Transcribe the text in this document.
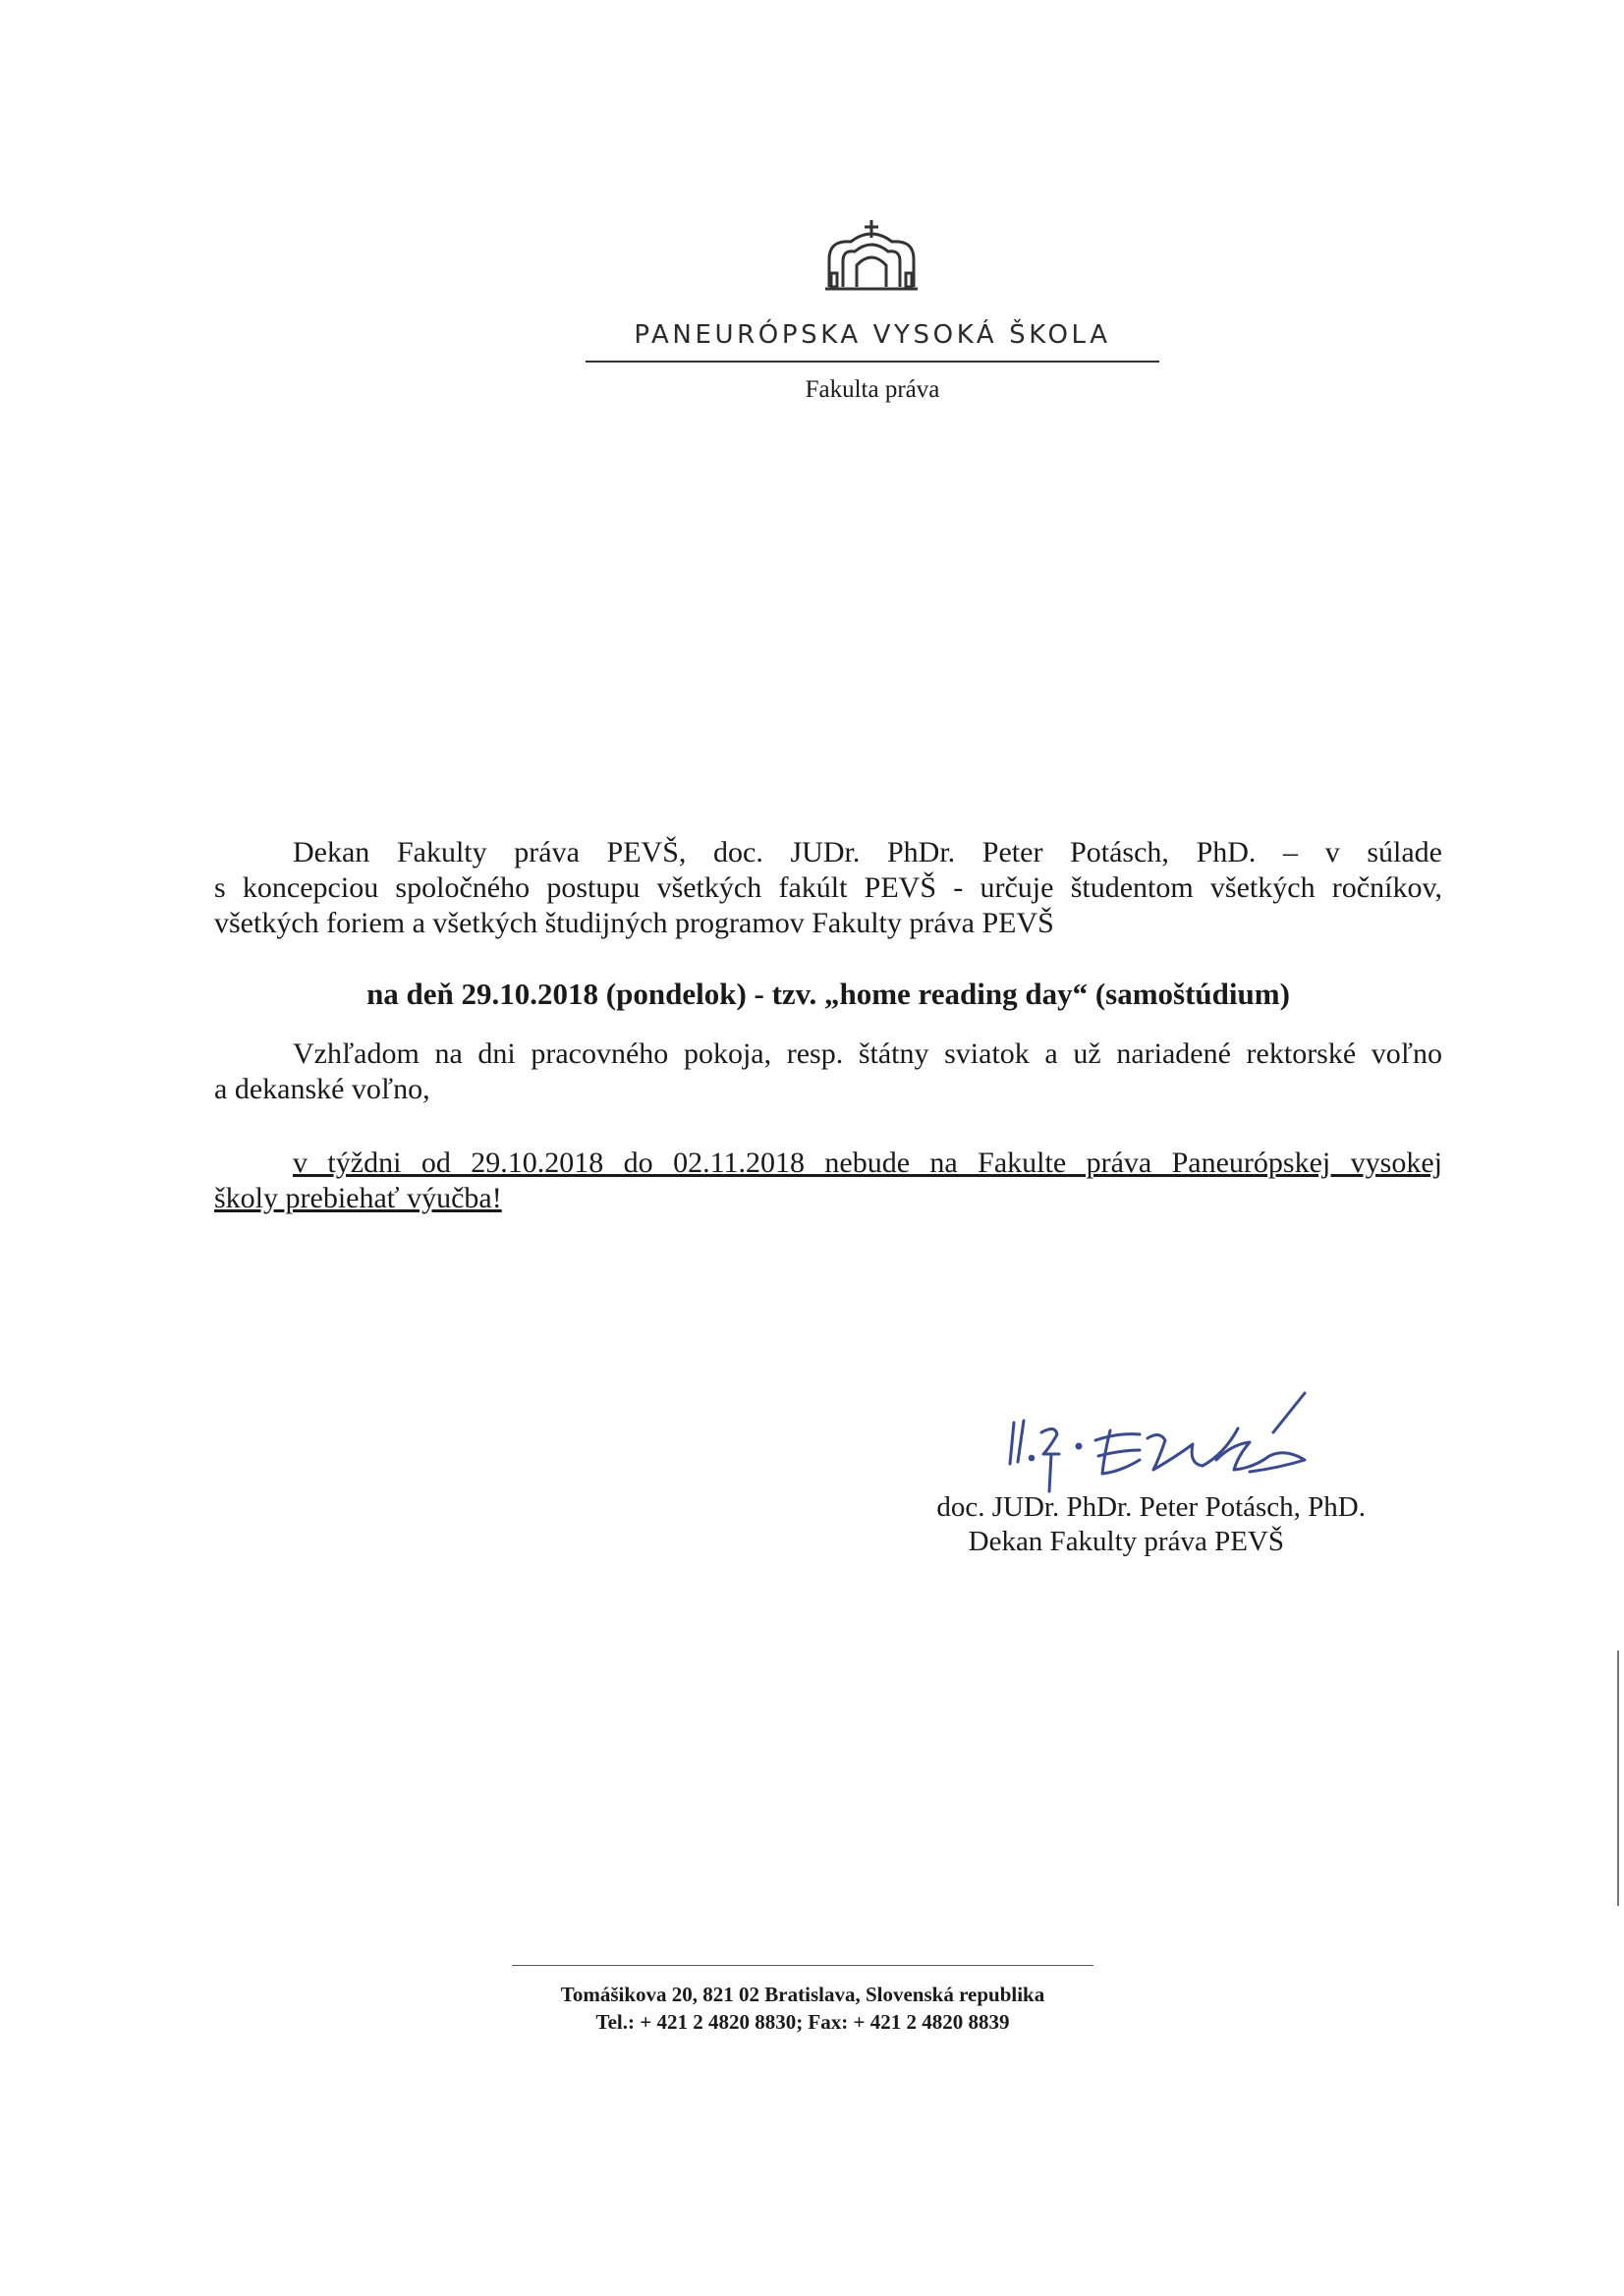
PANEURÓPSKA VYSOKÁ ŠKOLA
Fakulta práva
Dekan Fakulty práva PEVŠ, doc. JUDr. PhDr. Peter Potásch, PhD. – v súlade
s koncepciou spoločného postupu všetkých fakúlt PEVŠ - určuje študentom všetkých ročníkov,
všetkých foriem a všetkých študijných programov Fakulty práva PEVŠ
na deň 29.10.2018 (pondelok) - tzv. „home reading day“ (samoštúdium)
Vzhľadom na dni pracovného pokoja, resp. štátny sviatok a už nariadené rektorské voľno
a dekanské voľno,
v týždni od 29.10.2018 do 02.11.2018 nebude na Fakulte práva Paneurópskej vysokej
školy prebiehať výučba!
doc. JUDr. PhDr. Peter Potásch, PhD.
Dekan Fakulty práva PEVŠ
Tomášikova 20, 821 02 Bratislava, Slovenská republika
Tel.: + 421 2 4820 8830; Fax: + 421 2 4820 8839
